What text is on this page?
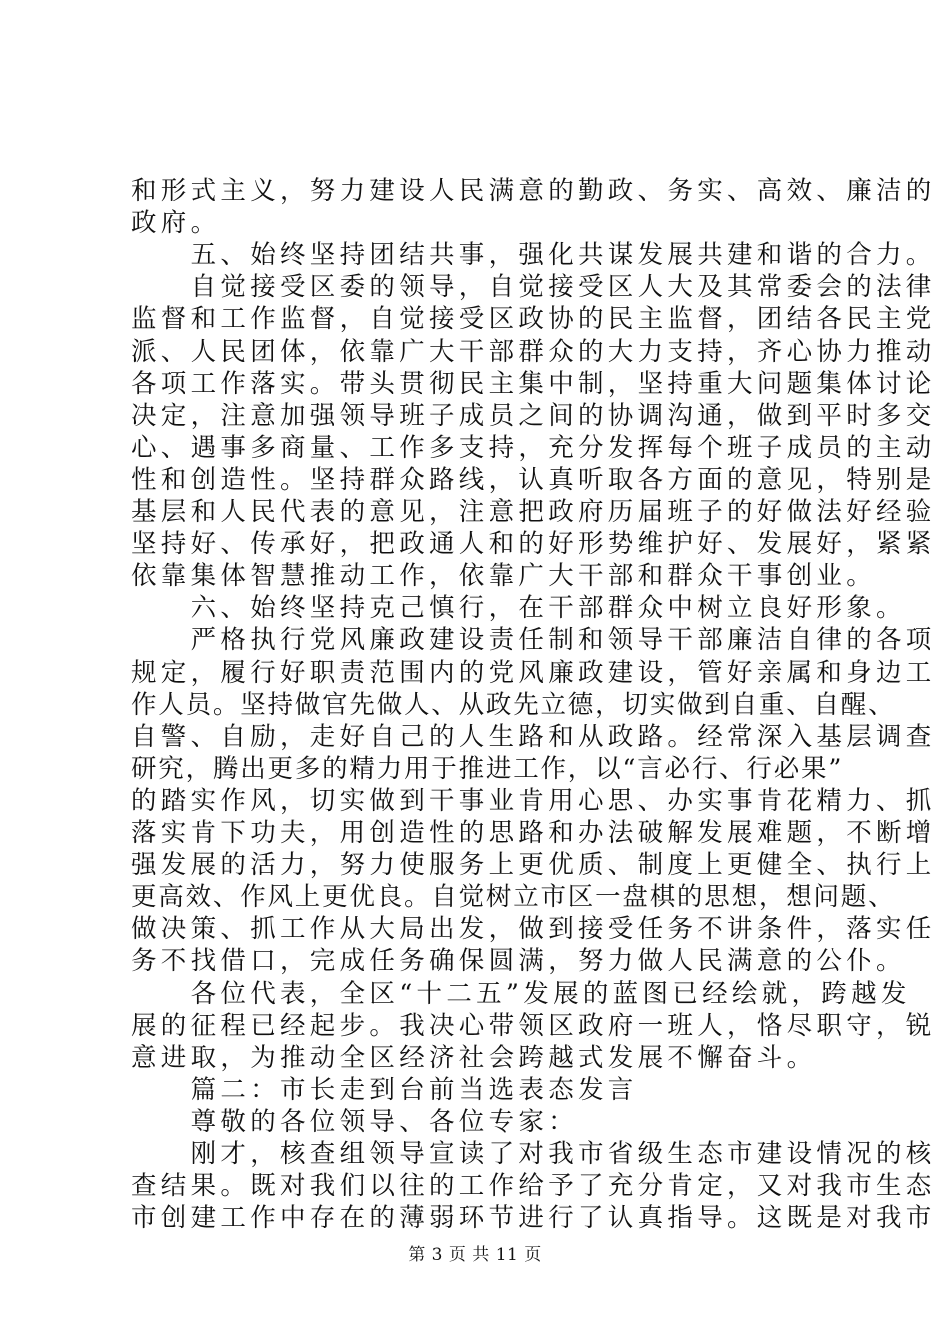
和形式主义，努力建设人民满意的勤政、务实、高效、廉洁的
政府。
　　五、始终坚持团结共事，强化共谋发展共建和谐的合力。
　　自觉接受区委的领导，自觉接受区人大及其常委会的法律
监督和工作监督，自觉接受区政协的民主监督，团结各民主党
派、人民团体，依靠广大干部群众的大力支持，齐心协力推动
各项工作落实。带头贯彻民主集中制，坚持重大问题集体讨论
决定，注意加强领导班子成员之间的协调沟通，做到平时多交
心、遇事多商量、工作多支持，充分发挥每个班子成员的主动
性和创造性。坚持群众路线，认真听取各方面的意见，特别是
基层和人民代表的意见，注意把政府历届班子的好做法好经验
坚持好、传承好，把政通人和的好形势维护好、发展好，紧紧
依靠集体智慧推动工作，依靠广大干部和群众干事创业。
　　六、始终坚持克己慎行，在干部群众中树立良好形象。
　　严格执行党风廉政建设责任制和领导干部廉洁自律的各项
规定，履行好职责范围内的党风廉政建设，管好亲属和身边工
作人员。坚持做官先做人、从政先立德，切实做到自重、自醒、
自警、自励，走好自己的人生路和从政路。经常深入基层调查
研究，腾出更多的精力用于推进工作，以“言必行、行必果”
的踏实作风，切实做到干事业肯用心思、办实事肯花精力、抓
落实肯下功夫，用创造性的思路和办法破解发展难题，不断增
强发展的活力，努力使服务上更优质、制度上更健全、执行上
更高效、作风上更优良。自觉树立市区一盘棋的思想，想问题、
做决策、抓工作从大局出发，做到接受任务不讲条件，落实任
务不找借口，完成任务确保圆满，努力做人民满意的公仆。
　　各位代表，全区“十二五”发展的蓝图已经绘就，跨越发
展的征程已经起步。我决心带领区政府一班人，恪尽职守，锐
意进取，为推动全区经济社会跨越式发展不懈奋斗。
　　篇二：市长走到台前当选表态发言
　　尊敬的各位领导、各位专家：
　　刚才，核查组领导宣读了对我市省级生态市建设情况的核
查结果。既对我们以往的工作给予了充分肯定，又对我市生态
市创建工作中存在的薄弱环节进行了认真指导。这既是对我市
第 3 页 共 11 页
